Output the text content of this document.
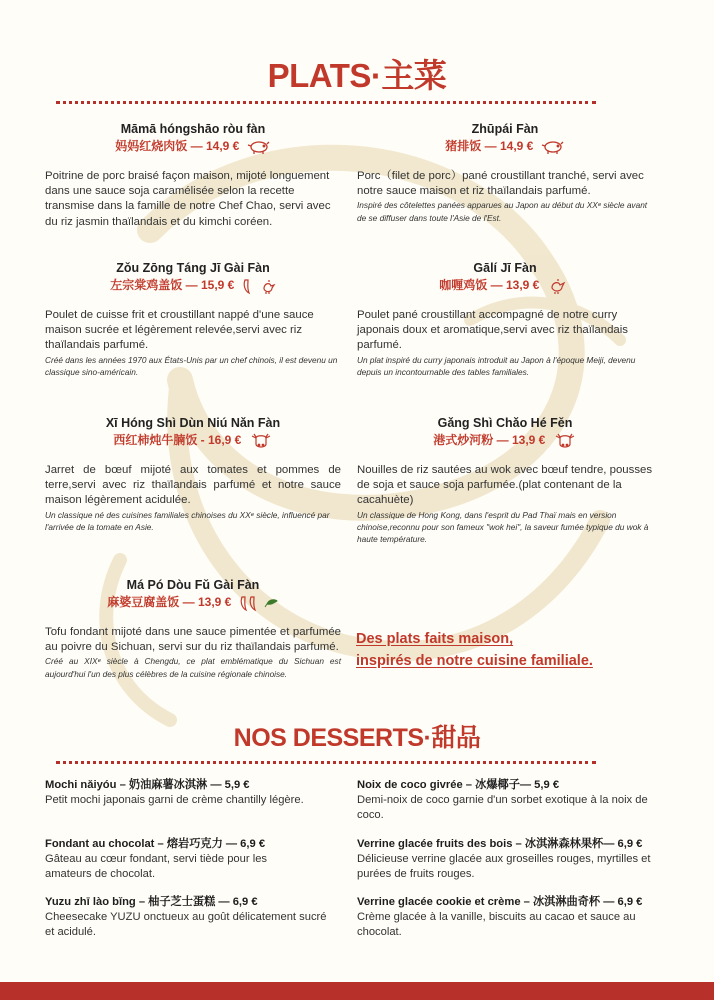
PLATS·主菜
Māmā hóngshāo ròu fàn
妈妈红烧肉饭 — 14,9 €
Poitrine de porc braisé façon maison, mijoté longuement dans une sauce soja caramélisée selon la recette transmise dans la famille de notre Chef Chao, servi avec du riz jasmin thaïlandais et du kimchi coréen.
Zhūpái Fàn
猪排饭 — 14,9 €
Porc（filet de porc）pané croustillant tranché, servi avec notre sauce maison et riz thaïlandais parfumé.
Inspiré des côtelettes panées apparues au Japon au début du XXᵉ siècle avant de se diffuser dans toute l'Asie de l'Est.
Zǒu Zōng Táng Jī Gài Fàn
左宗棠鸡盖饭 — 15,9 €
Poulet de cuisse frit et croustillant nappé d'une sauce maison sucrée et légèrement relevée,servi avec riz thaïlandais parfumé.
Créé dans les années 1970 aux États-Unis par un chef chinois, il est devenu un classique sino-américain.
Gālí Jī Fàn
咖喱鸡饭 — 13,9 €
Poulet pané croustillant accompagné de notre curry japonais doux et aromatique,servi avec riz thaïlandais parfumé.
Un plat inspiré du curry japonais introduit au Japon à l'époque Meiji, devenu depuis un incontournable des tables familiales.
Xī Hóng Shì Dùn Niú Nǎn Fàn
西红柿炖牛腩饭 - 16,9 €
Jarret de bœuf mijoté aux tomates et pommes de terre,servi avec riz thaïlandais parfumé et notre sauce maison légèrement acidulée.
Un classique né des cuisines familiales chinoises du XXᵉ siècle, influencé par l'arrivée de la tomate en Asie.
Gǎng Shì Chǎo Hé Fěn
港式炒河粉 — 13,9 €
Nouilles de riz sautées au wok avec bœuf tendre, pousses de soja et sauce soja parfumée.(plat contenant de la cacahuète)
Un classique de Hong Kong, dans l'esprit du Pad Thaï mais en version chinoise,reconnu pour son fameux "wok hei", la saveur fumée typique du wok à haute température.
Má Pó Dòu Fǔ Gài Fàn
麻婆豆腐盖饭 — 13,9 €
Tofu fondant mijoté dans une sauce pimentée et parfumée au poivre du Sichuan, servi sur du riz thaïlandais parfumé.
Créé au XIXᵉ siècle à Chengdu, ce plat emblématique du Sichuan est aujourd'hui l'un des plus célèbres de la cuisine régionale chinoise.
Des plats faits maison,
inspirés de notre cuisine familiale.
NOS DESSERTS·甜品
Mochi nǎiyóu – 奶油麻薯冰淇淋 — 5,9 €
Petit mochi japonais garni de crème chantilly légère.
Noix de coco givrée – 冰爆椰子— 5,9 €
Demi-noix de coco garnie d'un sorbet exotique à la noix de coco.
Fondant au chocolat – 熔岩巧克力 — 6,9 €
Gâteau au cœur fondant, servi tiède pour les amateurs de chocolat.
Verrine glacée fruits des bois – 冰淇淋森林果杯— 6,9 €
Délicieuse verrine glacée aux groseilles rouges, myrtilles et purées de fruits rouges.
Yuzu zhī lào bǐng – 柚子芝士蛋糕 — 6,9 €
Cheesecake YUZU onctueux au goût délicatement sucré et acidulé.
Verrine glacée cookie et crème – 冰淇淋曲奇杯 — 6,9 €
Crème glacée à la vanille, biscuits au cacao et sauce au chocolat.
